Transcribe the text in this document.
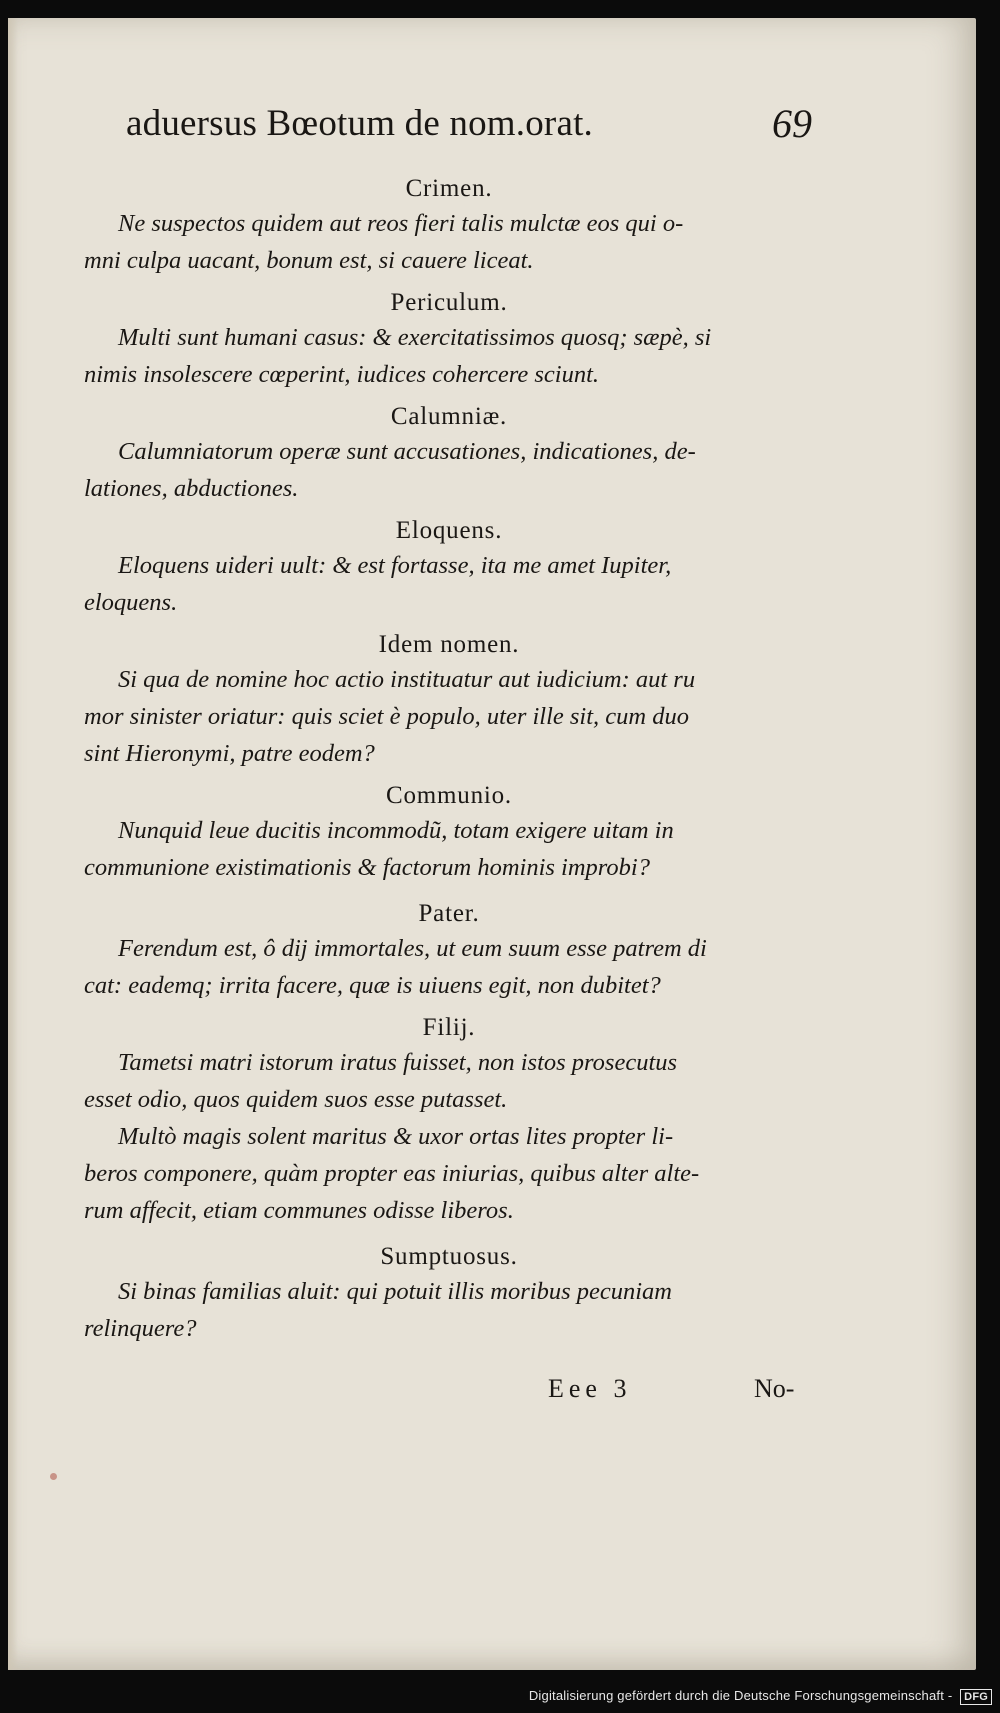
aduersus Bœotum de nom.orat.	69
Crimen.
Ne suspectos quidem aut reos fieri talis mulctæ eos qui o-
mni culpa uacant, bonum est, si cauere liceat.
Periculum.
Multi sunt humani casus: & exercitatissimos quosq; sæpè, si
nimis insolescere cœperint, iudices cohercere sciunt.
Calumniæ.
Calumniatorum operæ sunt accusationes, indicationes, de-
lationes, abductiones.
Eloquens.
Eloquens uideri uult: & est fortasse, ita me amet Iupiter,
eloquens.
Idem nomen.
Si qua de nomine hoc actio instituatur aut iudicium: aut ru
mor sinister oriatur: quis sciet è populo, uter ille sit, cum duo
sint Hieronymi, patre eodem?
Communio.
Nunquid leue ducitis incommodũ, totam exigere uitam in
communione existimationis & factorum hominis improbi?
Pater.
Ferendum est, ô dij immortales, ut eum suum esse patrem di
cat: eademq; irrita facere, quæ is uiuens egit, non dubitet?
Filij.
Tametsi matri istorum iratus fuisset, non istos prosecutus
esset odio, quos quidem suos esse putasset.
Multò magis solent maritus & uxor ortas lites propter li-
beros componere, quàm propter eas iniurias, quibus alter alte-
rum affecit, etiam communes odisse liberos.
Sumptuosus.
Si binas familias aluit: qui potuit illis moribus pecuniam
relinquere?
Eee 3	No-
Digitalisierung gefördert durch die Deutsche Forschungsgemeinschaft - DFG
